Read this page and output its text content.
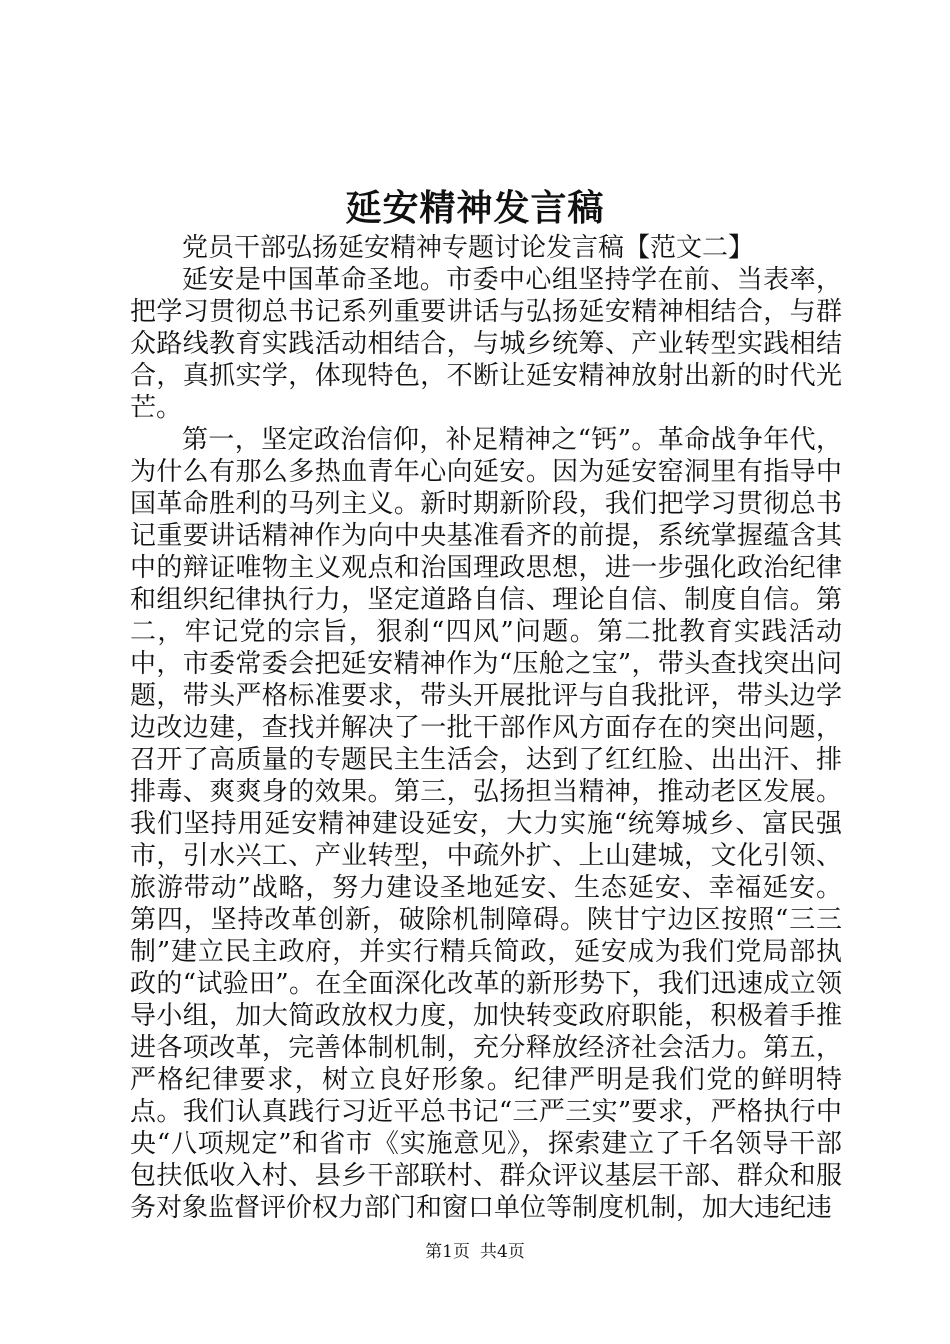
延安精神发言稿

党员干部弘扬延安精神专题讨论发言稿【范文二】

延安是中国革命圣地。市委中心组坚持学在前、当表率，把学习贯彻总书记系列重要讲话与弘扬延安精神相结合，与群众路线教育实践活动相结合，与城乡统筹、产业转型实践相结合，真抓实学，体现特色，不断让延安精神放射出新的时代光芒。

第一，坚定政治信仰，补足精神之“钙”。革命战争年代，为什么有那么多热血青年心向延安。因为延安窑洞里有指导中国革命胜利的马列主义。新时期新阶段，我们把学习贯彻总书记重要讲话精神作为向中央基准看齐的前提，系统掌握蕴含其中的辩证唯物主义观点和治国理政思想，进一步强化政治纪律和组织纪律执行力，坚定道路自信、理论自信、制度自信。第二，牢记党的宗旨，狠刹“四风”问题。第二批教育实践活动中，市委常委会把延安精神作为“压舱之宝”，带头查找突出问题，带头严格标准要求，带头开展批评与自我批评，带头边学边改边建，查找并解决了一批干部作风方面存在的突出问题，召开了高质量的专题民主生活会，达到了红红脸、出出汗、排排毒、爽爽身的效果。第三，弘扬担当精神，推动老区发展。我们坚持用延安精神建设延安，大力实施“统筹城乡、富民强市，引水兴工、产业转型，中疏外扩、上山建城，文化引领、旅游带动”战略，努力建设圣地延安、生态延安、幸福延安。第四，坚持改革创新，破除机制障碍。陕甘宁边区按照“三三制”建立民主政府，并实行精兵简政，延安成为我们党局部执政的“试验田”。在全面深化改革的新形势下，我们迅速成立领导小组，加大简政放权力度，加快转变政府职能，积极着手推进各项改革，完善体制机制，充分释放经济社会活力。第五，严格纪律要求，树立良好形象。纪律严明是我们党的鲜明特点。我们认真践行习近平总书记“三严三实”要求，严格执行中央“八项规定”和省市《实施意见》，探索建立了千名领导干部包扶低收入村、县乡干部联村、群众评议基层干部、群众和服务对象监督评价权力部门和窗口单位等制度机制，加大违纪违

第1页 共4页
